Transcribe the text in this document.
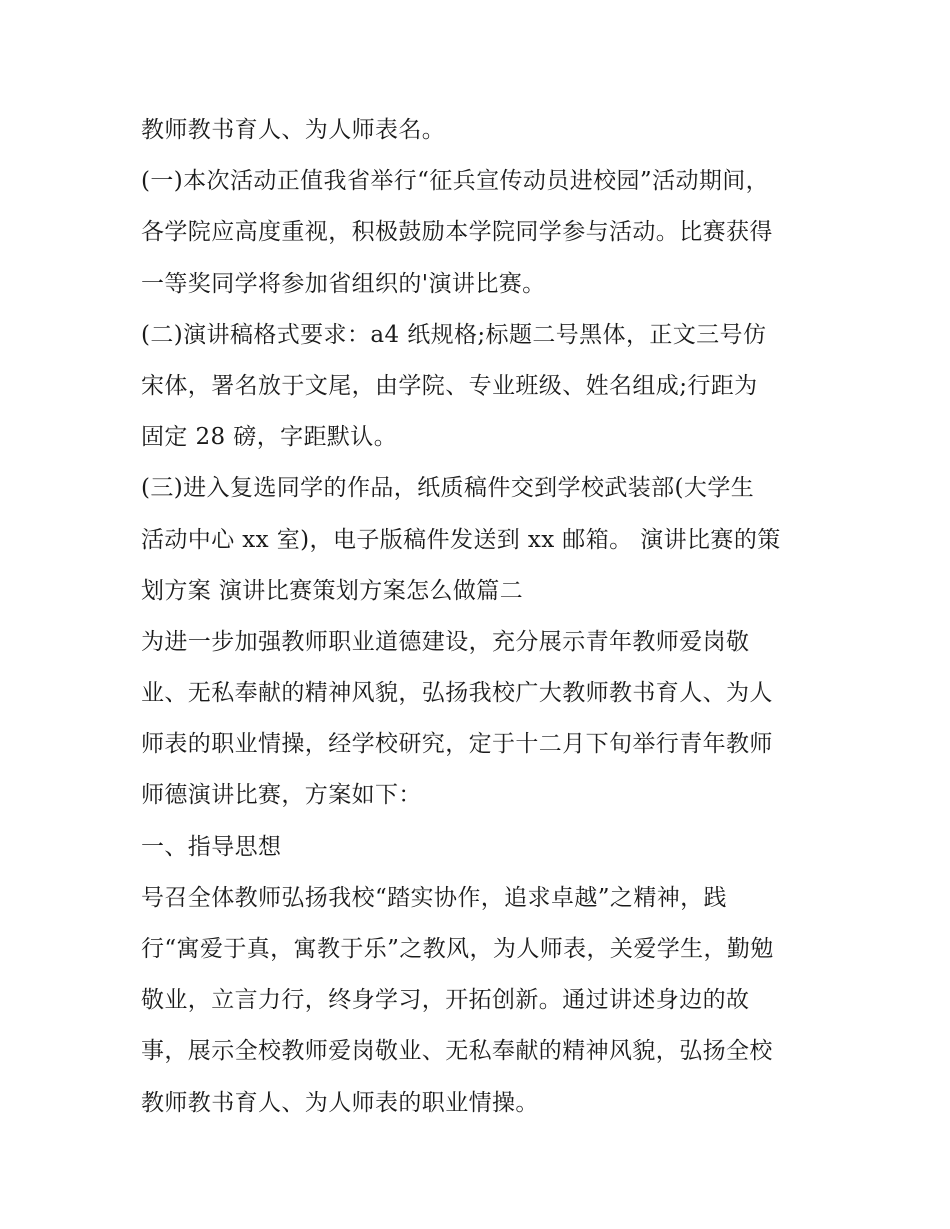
教师教书育人、为人师表名。
(一)本次活动正值我省举行“征兵宣传动员进校园”活动期间，
各学院应高度重视，积极鼓励本学院同学参与活动。比赛获得
一等奖同学将参加省组织的'演讲比赛。
(二)演讲稿格式要求：a4 纸规格;标题二号黑体，正文三号仿
宋体，署名放于文尾，由学院、专业班级、姓名组成;行距为
固定 28 磅，字距默认。
(三)进入复选同学的作品，纸质稿件交到学校武装部(大学生
活动中心 xx 室)，电子版稿件发送到 xx 邮箱。 演讲比赛的策
划方案 演讲比赛策划方案怎么做篇二
为进一步加强教师职业道德建设，充分展示青年教师爱岗敬
业、无私奉献的精神风貌，弘扬我校广大教师教书育人、为人
师表的职业情操，经学校研究，定于十二月下旬举行青年教师
师德演讲比赛，方案如下：
一、指导思想
号召全体教师弘扬我校“踏实协作，追求卓越”之精神，践
行“寓爱于真，寓教于乐”之教风，为人师表，关爱学生，勤勉
敬业，立言力行，终身学习，开拓创新。通过讲述身边的故
事，展示全校教师爱岗敬业、无私奉献的精神风貌，弘扬全校
教师教书育人、为人师表的职业情操。
